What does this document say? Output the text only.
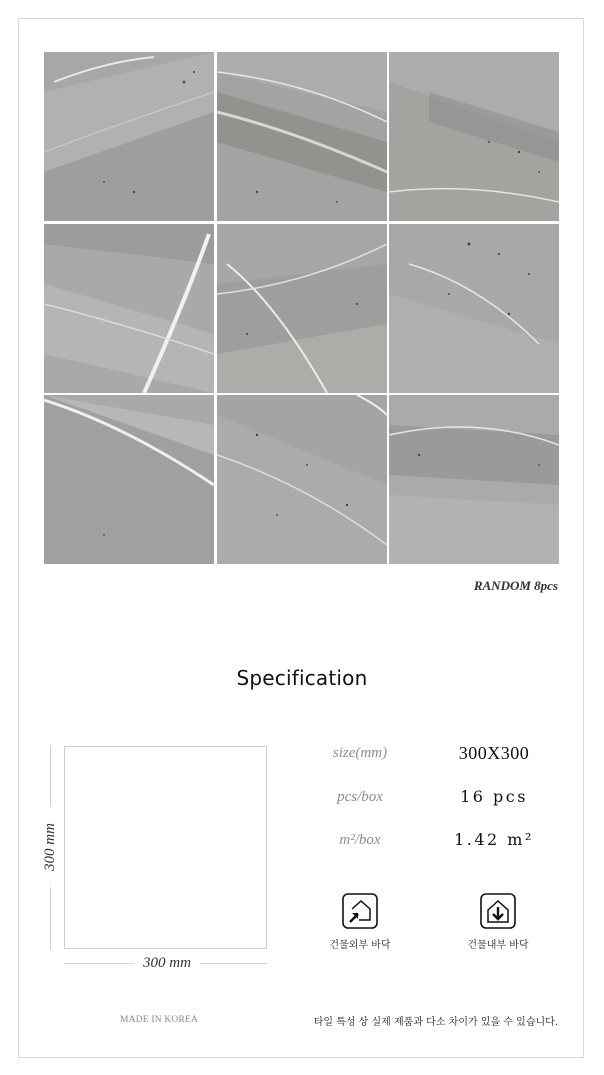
RANDOM 8pcs
Specification
300 mm
300 mm
size(mm)	300X300
pcs/box	16 pcs
m²/box	1.42 m²
건물외부 바닥	건물내부 바닥
MADE IN KOREA	타일 특성 상 실제 제품과 다소 차이가 있을 수 있습니다.
